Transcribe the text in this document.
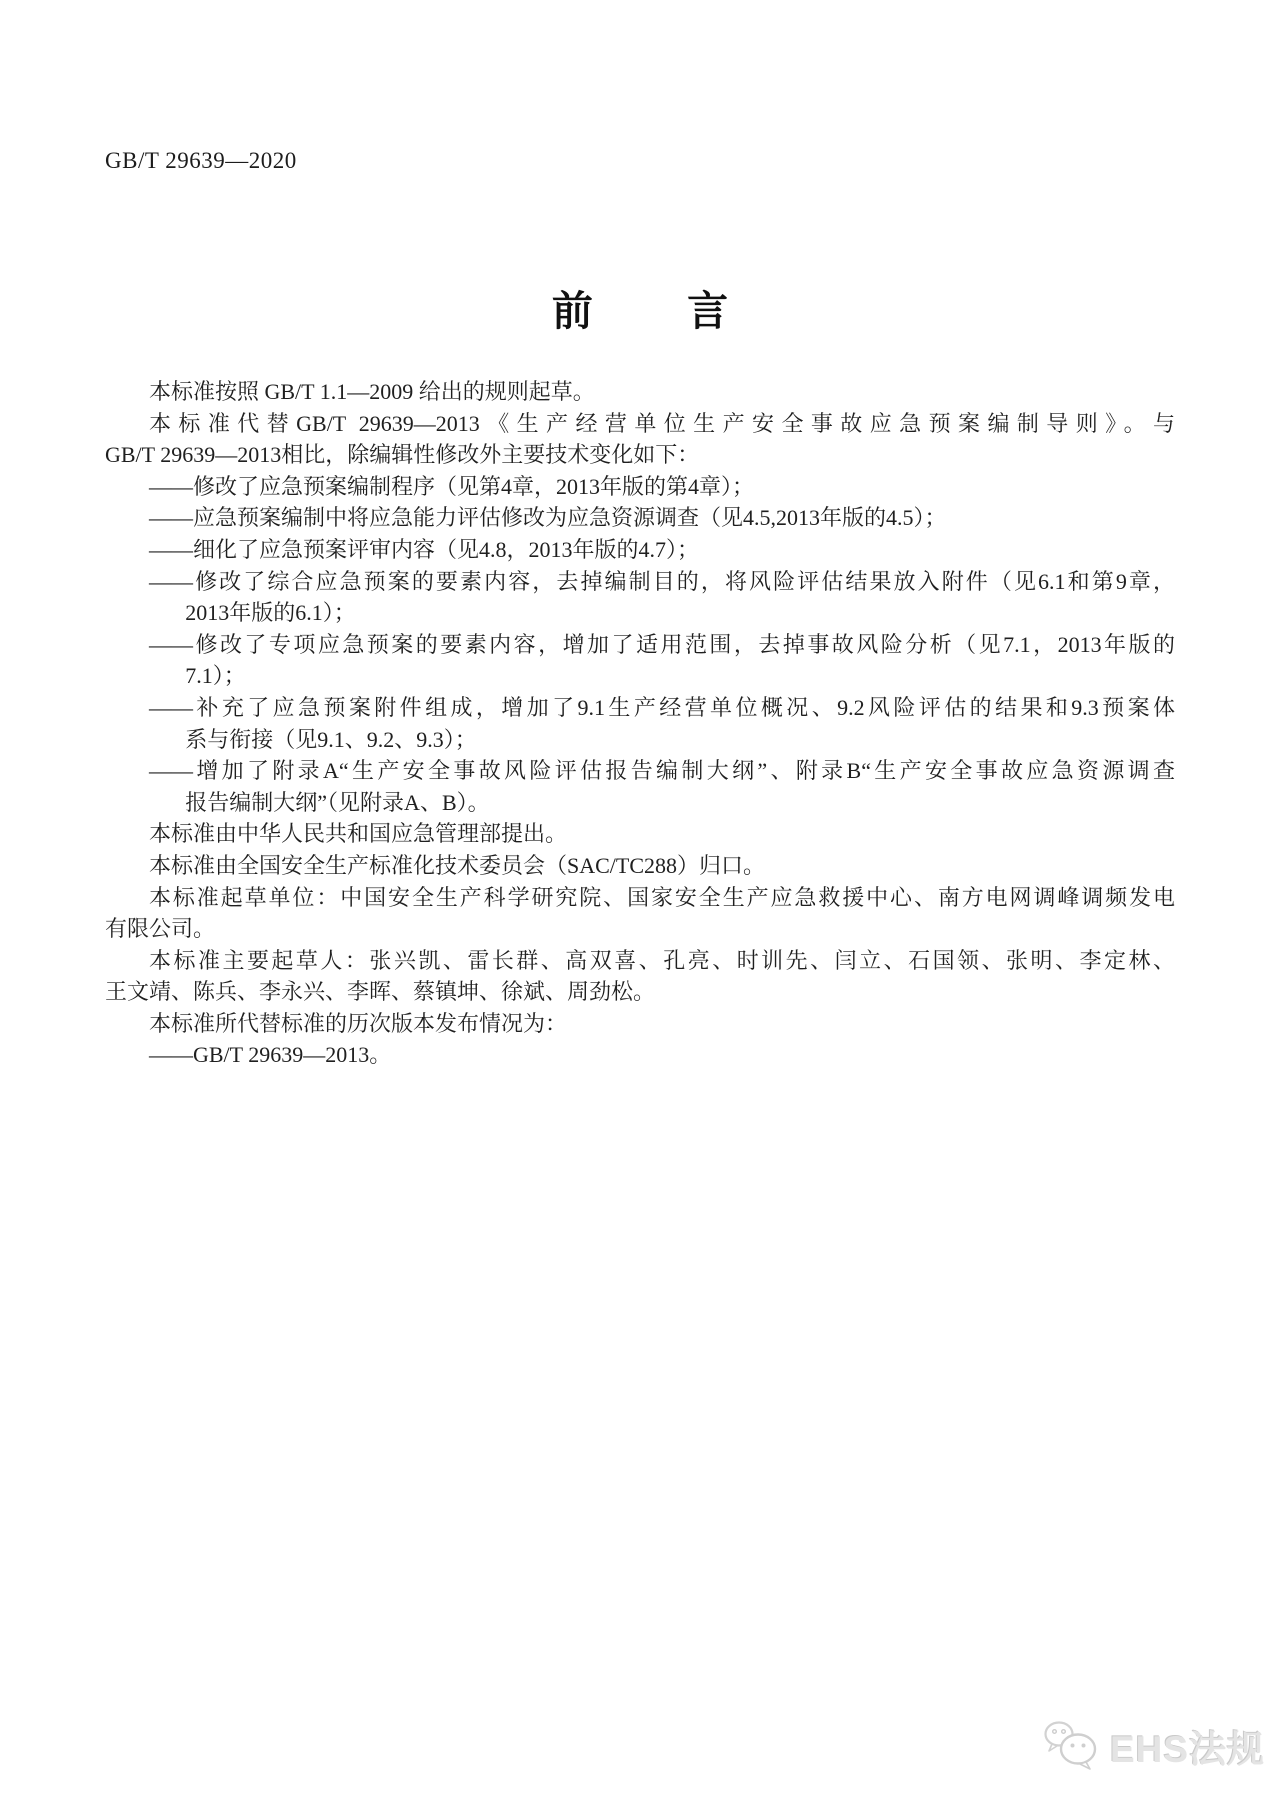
GB/T 29639—2020
前言
本标准按照 GB/T 1.1—2009 给出的规则起草。
本标准代替GB/T 29639—2013《生产经营单位生产安全事故应急预案编制导则》。与
GB/T 29639—2013相比，除编辑性修改外主要技术变化如下：
——修改了应急预案编制程序（见第4章，2013年版的第4章）；
——应急预案编制中将应急能力评估修改为应急资源调查（见4.5,2013年版的4.5）；
——细化了应急预案评审内容（见4.8，2013年版的4.7）；
——修改了综合应急预案的要素内容，去掉编制目的，将风险评估结果放入附件（见6.1和第9章，
2013年版的6.1）；
——修改了专项应急预案的要素内容，增加了适用范围，去掉事故风险分析（见7.1，2013年版的
7.1）；
——补充了应急预案附件组成，增加了9.1生产经营单位概况、9.2风险评估的结果和9.3预案体
系与衔接（见9.1、9.2、9.3）；
——增加了附录A“生产安全事故风险评估报告编制大纲”、附录B“生产安全事故应急资源调查
报告编制大纲”（见附录A、B）。
本标准由中华人民共和国应急管理部提出。
本标准由全国安全生产标准化技术委员会（SAC/TC288）归口。
本标准起草单位：中国安全生产科学研究院、国家安全生产应急救援中心、南方电网调峰调频发电
有限公司。
本标准主要起草人：张兴凯、雷长群、高双喜、孔亮、时训先、闫立、石国领、张明、李定林、
王文靖、陈兵、李永兴、李晖、蔡镇坤、徐斌、周劲松。
本标准所代替标准的历次版本发布情况为：
——GB/T 29639—2013。
EHS法规
